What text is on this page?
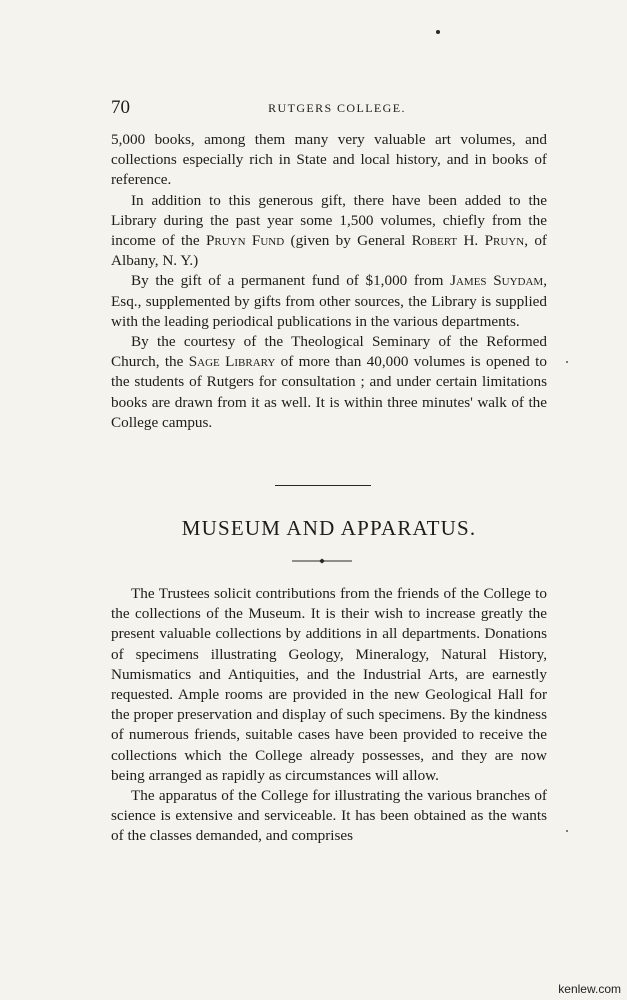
70	RUTGERS COLLEGE.

5,000 books, among them many very valuable art volumes, and collections especially rich in State and local history, and in books of reference.

In addition to this generous gift, there have been added to the Library during the past year some 1,500 volumes, chiefly from the income of the Pruyn Fund (given by General Robert H. Pruyn, of Albany, N. Y.)

By the gift of a permanent fund of $1,000 from James Suydam, Esq., supplemented by gifts from other sources, the Library is supplied with the leading periodical publications in the various departments.

By the courtesy of the Theological Seminary of the Reformed Church, the Sage Library of more than 40,000 volumes is opened to the students of Rutgers for consultation ; and under certain limitations books are drawn from it as well. It is within three minutes' walk of the College campus.

MUSEUM AND APPARATUS.

The Trustees solicit contributions from the friends of the College to the collections of the Museum. It is their wish to increase greatly the present valuable collections by additions in all departments. Donations of specimens illustrating Geology, Mineralogy, Natural History, Numismatics and Antiquities, and the Industrial Arts, are earnestly requested. Ample rooms are provided in the new Geological Hall for the proper preservation and display of such specimens. By the kindness of numerous friends, suitable cases have been provided to receive the collections which the College already possesses, and they are now being arranged as rapidly as circumstances will allow.

The apparatus of the College for illustrating the various branches of science is extensive and serviceable. It has been obtained as the wants of the classes demanded, and comprises

kenlew.com
